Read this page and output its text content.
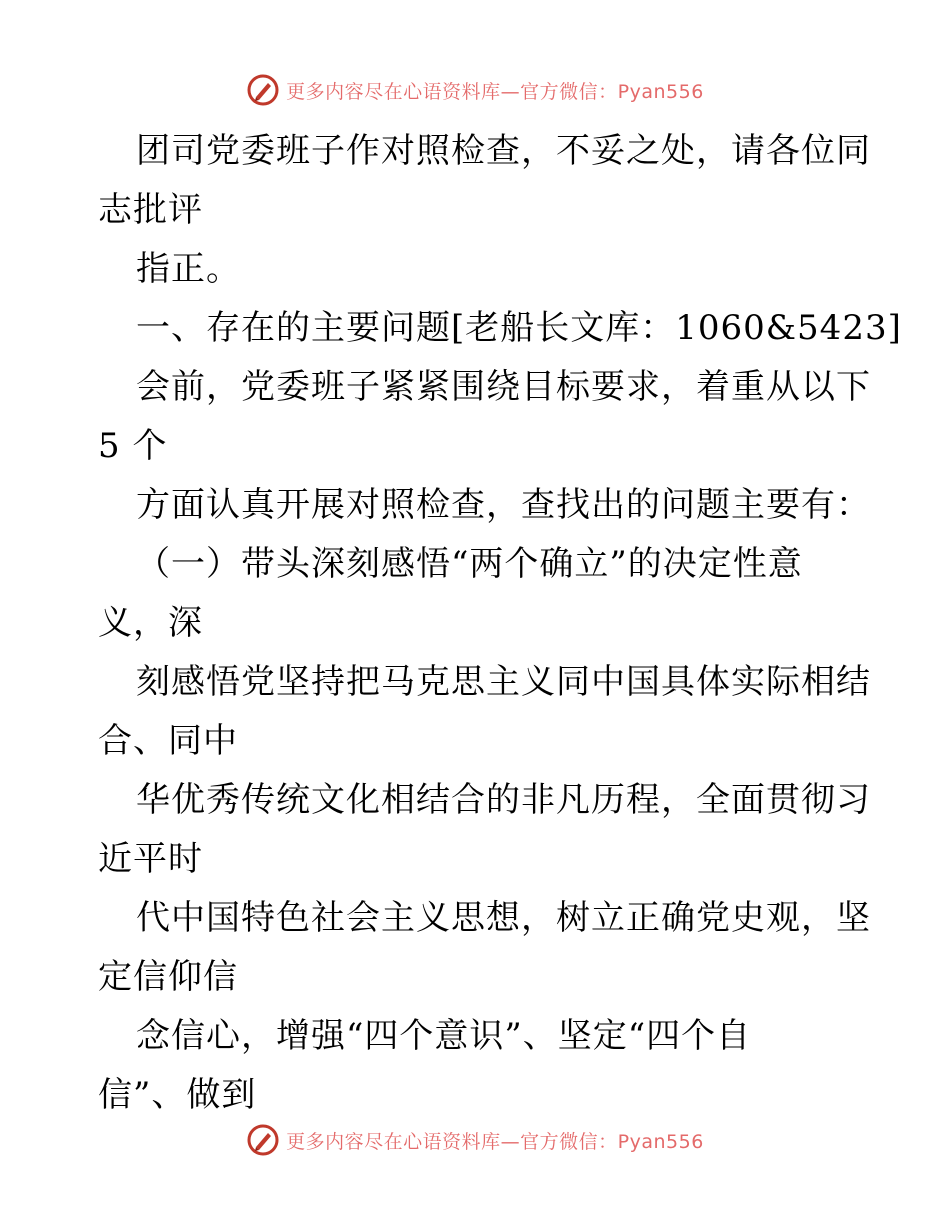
更多内容尽在心语资料库—官方微信：Pyan556
团司党委班子作对照检查，不妥之处，请各位同
志批评
指正。
一、存在的主要问题[老船长文库：1060&5423]
会前，党委班子紧紧围绕目标要求，着重从以下
5 个
方面认真开展对照检查，查找出的问题主要有：
（一）带头深刻感悟“两个确立”的决定性意
义，深
刻感悟党坚持把马克思主义同中国具体实际相结
合、同中
华优秀传统文化相结合的非凡历程，全面贯彻习
近平时
代中国特色社会主义思想，树立正确党史观，坚
定信仰信
念信心，增强“四个意识”、坚定“四个自
信”、做到
更多内容尽在心语资料库—官方微信：Pyan556
